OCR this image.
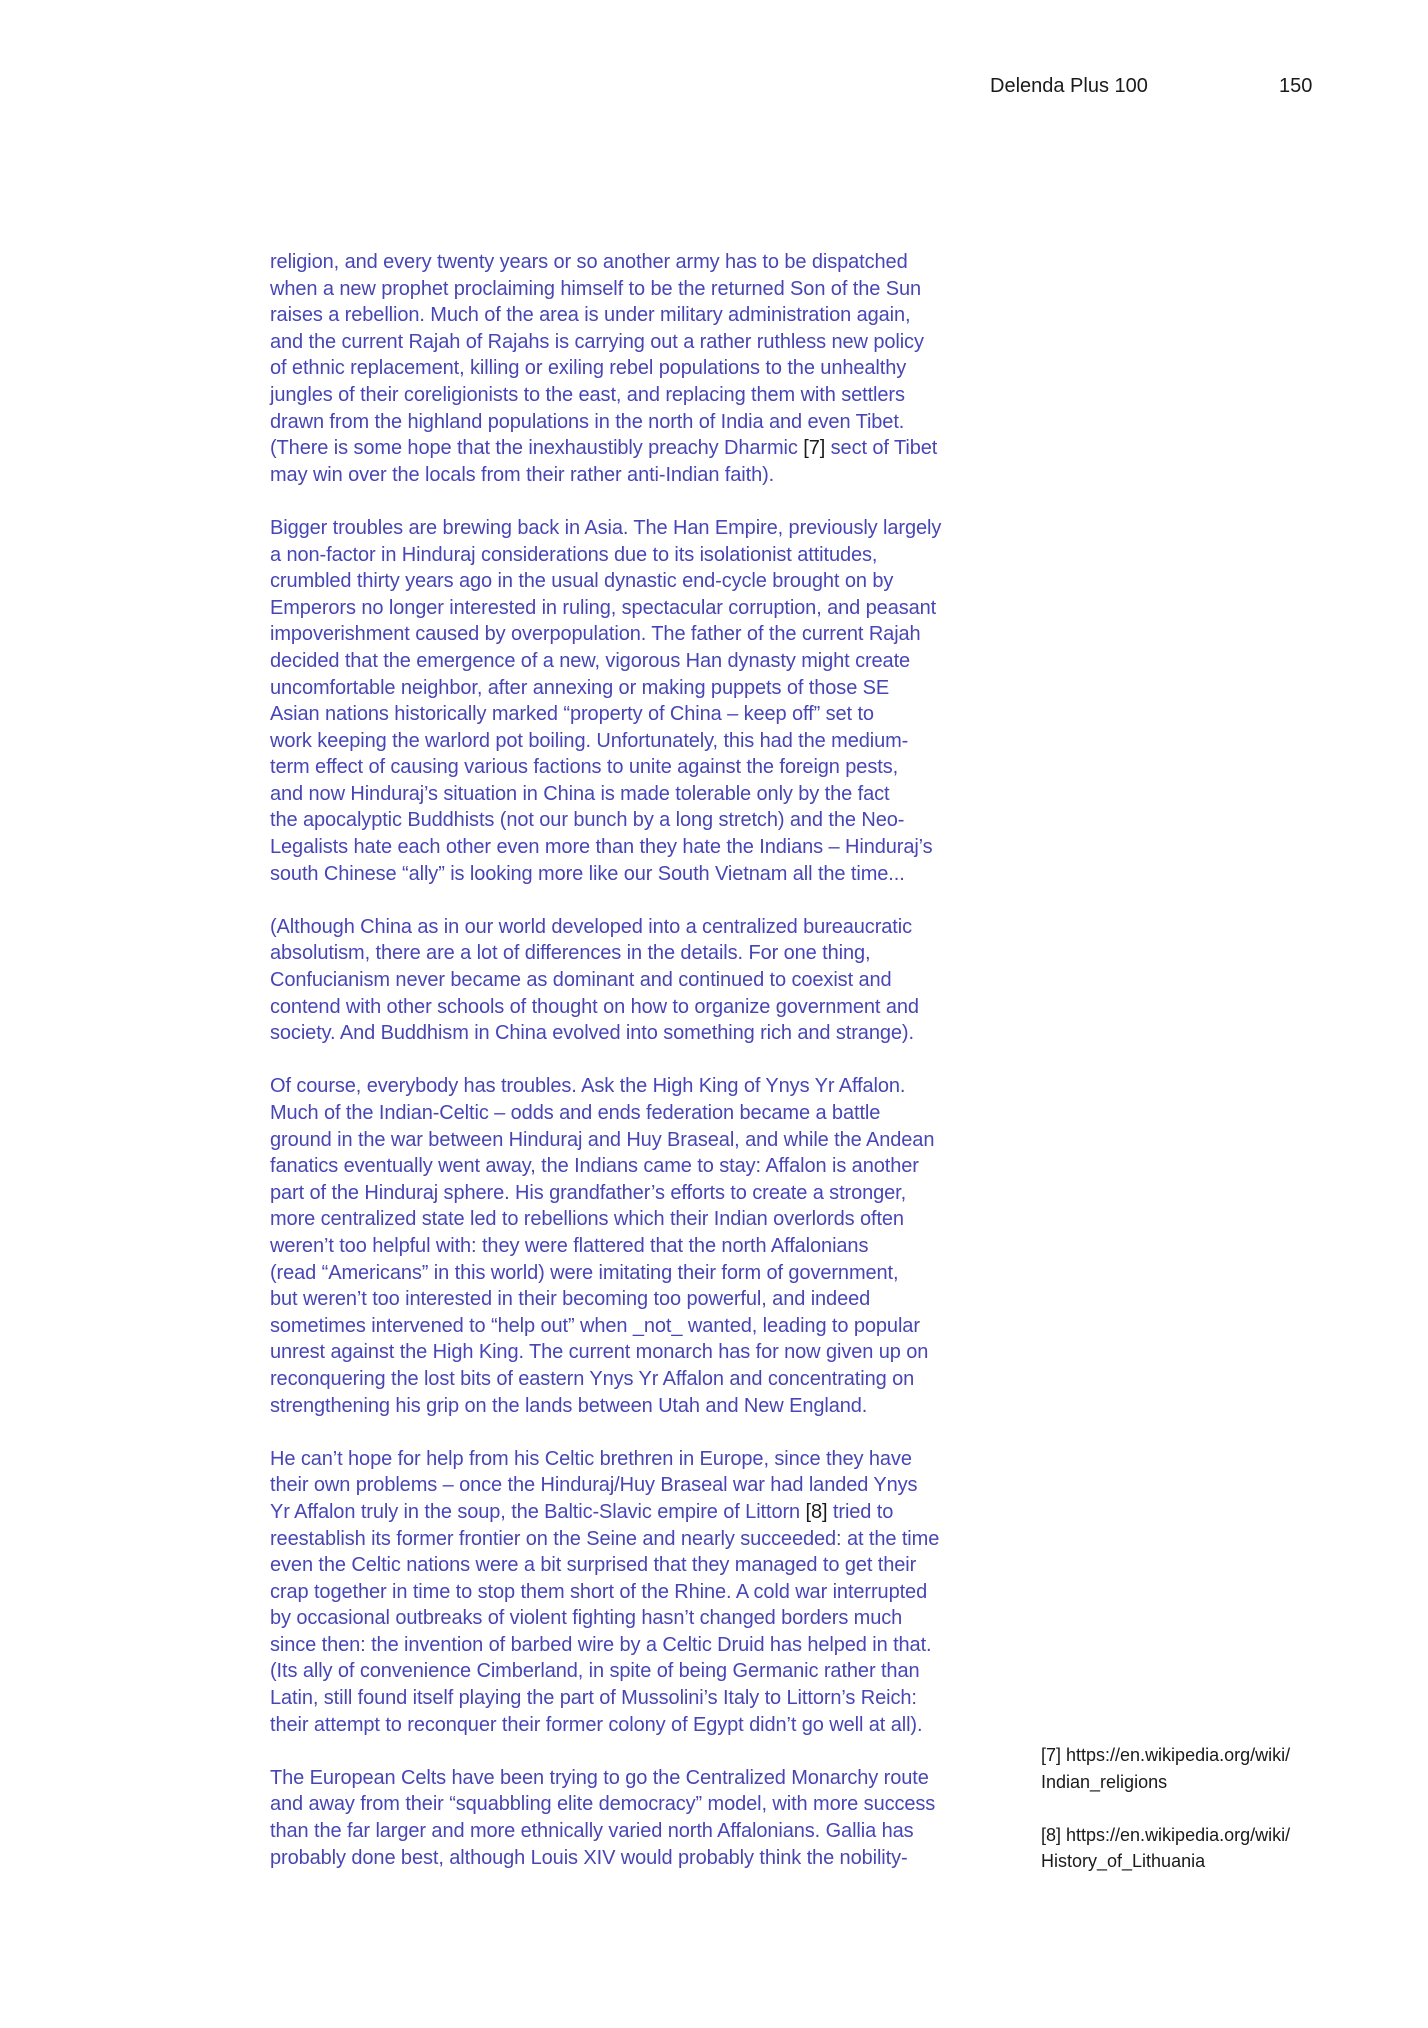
Delenda Plus 100	150

religion, and every twenty years or so another army has to be dispatched
when a new prophet proclaiming himself to be the returned Son of the Sun
raises a rebellion. Much of the area is under military administration again,
and the current Rajah of Rajahs is carrying out a rather ruthless new policy
of ethnic replacement, killing or exiling rebel populations to the unhealthy
jungles of their coreligionists to the east, and replacing them with settlers
drawn from the highland populations in the north of India and even Tibet.
(There is some hope that the inexhaustibly preachy Dharmic [7] sect of Tibet
may win over the locals from their rather anti-Indian faith).

Bigger troubles are brewing back in Asia. The Han Empire, previously largely
a non-factor in Hinduraj considerations due to its isolationist attitudes,
crumbled thirty years ago in the usual dynastic end-cycle brought on by
Emperors no longer interested in ruling, spectacular corruption, and peasant
impoverishment caused by overpopulation. The father of the current Rajah
decided that the emergence of a new, vigorous Han dynasty might create
uncomfortable neighbor, after annexing or making puppets of those SE
Asian nations historically marked “property of China – keep off” set to
work keeping the warlord pot boiling. Unfortunately, this had the medium-
term effect of causing various factions to unite against the foreign pests,
and now Hinduraj’s situation in China is made tolerable only by the fact
the apocalyptic Buddhists (not our bunch by a long stretch) and the Neo-
Legalists hate each other even more than they hate the Indians – Hinduraj’s
south Chinese “ally” is looking more like our South Vietnam all the time...

(Although China as in our world developed into a centralized bureaucratic
absolutism, there are a lot of differences in the details. For one thing,
Confucianism never became as dominant and continued to coexist and
contend with other schools of thought on how to organize government and
society. And Buddhism in China evolved into something rich and strange).

Of course, everybody has troubles. Ask the High King of Ynys Yr Affalon.
Much of the Indian-Celtic – odds and ends federation became a battle
ground in the war between Hinduraj and Huy Braseal, and while the Andean
fanatics eventually went away, the Indians came to stay: Affalon is another
part of the Hinduraj sphere. His grandfather’s efforts to create a stronger,
more centralized state led to rebellions which their Indian overlords often
weren’t too helpful with: they were flattered that the north Affalonians
(read “Americans” in this world) were imitating their form of government,
but weren’t too interested in their becoming too powerful, and indeed
sometimes intervened to “help out” when _not_ wanted, leading to popular
unrest against the High King. The current monarch has for now given up on
reconquering the lost bits of eastern Ynys Yr Affalon and concentrating on
strengthening his grip on the lands between Utah and New England.

He can’t hope for help from his Celtic brethren in Europe, since they have
their own problems – once the Hinduraj/Huy Braseal war had landed Ynys
Yr Affalon truly in the soup, the Baltic-Slavic empire of Littorn [8] tried to
reestablish its former frontier on the Seine and nearly succeeded: at the time
even the Celtic nations were a bit surprised that they managed to get their
crap together in time to stop them short of the Rhine. A cold war interrupted
by occasional outbreaks of violent fighting hasn’t changed borders much
since then: the invention of barbed wire by a Celtic Druid has helped in that.
(Its ally of convenience Cimberland, in spite of being Germanic rather than
Latin, still found itself playing the part of Mussolini’s Italy to Littorn’s Reich:
their attempt to reconquer their former colony of Egypt didn’t go well at all).

The European Celts have been trying to go the Centralized Monarchy route
and away from their “squabbling elite democracy” model, with more success
than the far larger and more ethnically varied north Affalonians. Gallia has
probably done best, although Louis XIV would probably think the nobility-

[7] https://en.wikipedia.org/wiki/
Indian_religions

[8] https://en.wikipedia.org/wiki/
History_of_Lithuania
